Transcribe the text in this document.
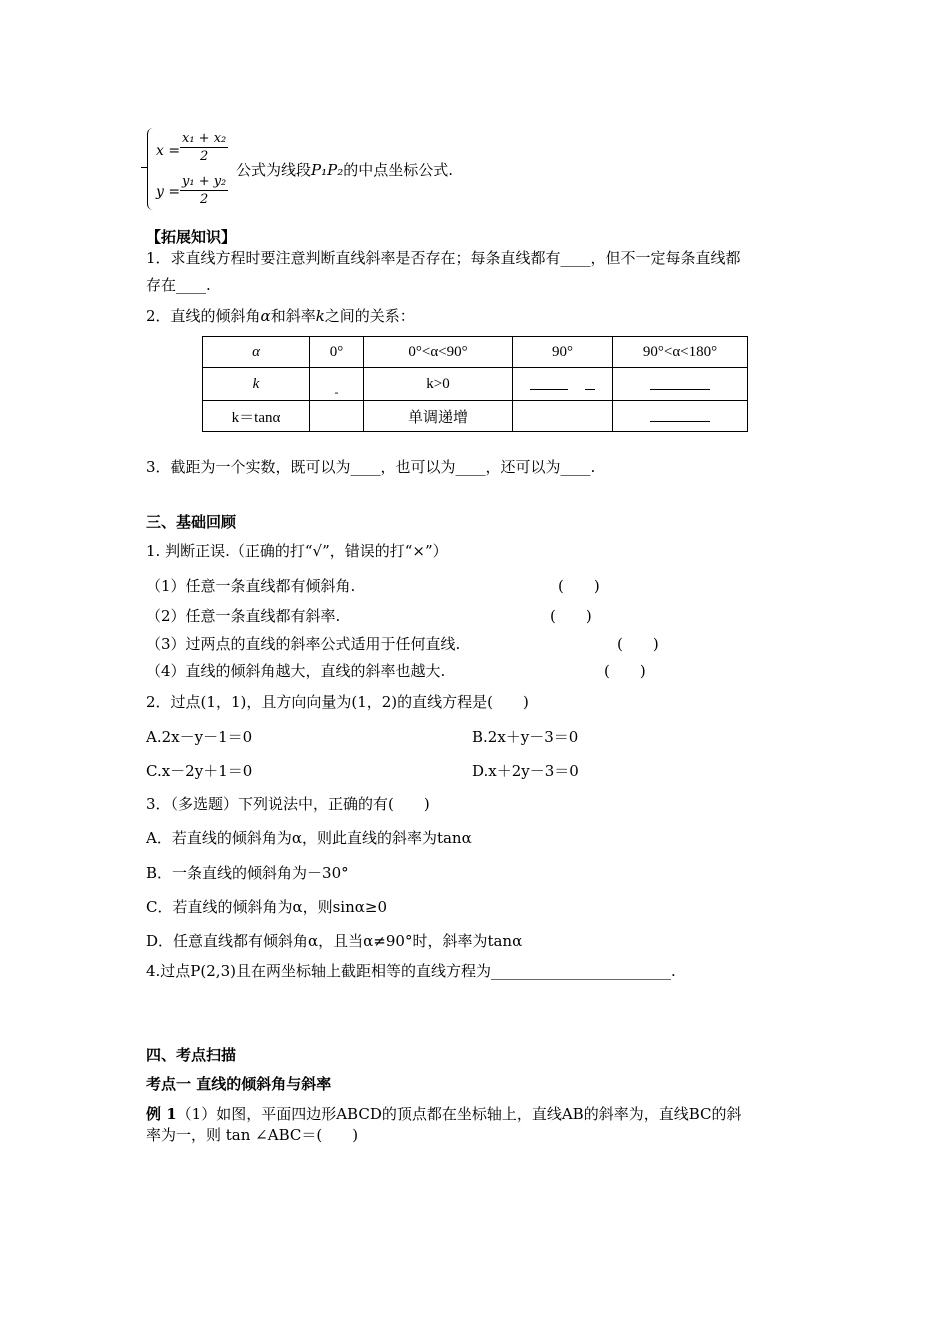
$x = \frac{\text{x₁ + x₂}}{2}$
$y = \frac{\text{y₁ + y₂}}{2}$
公式为线段P₁P₂的中点坐标公式.
【拓展知识】
1．求直线方程时要注意判断直线斜率是否存在；每条直线都有____，但不一定每条直线都
存在____.
2．直线的倾斜角α和斜率k之间的关系：
α	0°	0°<α<90°	90°	90°<α<180°
k	-	k>0		
k＝tanα		单调递增		
3．截距为一个实数，既可以为____，也可以为____，还可以为____.
三、基础回顾
1. 判断正误.（正确的打“√”，错误的打“×”）
（1）任意一条直线都有倾斜角.	(　　)
（2）任意一条直线都有斜率.	(　　)
（3）过两点的直线的斜率公式适用于任何直线.	(　　)
（4）直线的倾斜角越大，直线的斜率也越大.	(　　)
2．过点(1，1)，且方向向量为(1，2)的直线方程是(　　)
A.2x－y－1＝0	B.2x＋y－3＝0
C.x－2y＋1＝0	D.x＋2y－3＝0
3．（多选题）下列说法中，正确的有(　　)
A．若直线的倾斜角为α，则此直线的斜率为tanα
B．一条直线的倾斜角为－30°
C．若直线的倾斜角为α，则sinα≥0
D．任意直线都有倾斜角α，且当α≠90°时，斜率为tanα
4.过点P(2,3)且在两坐标轴上截距相等的直线方程为________________________.
四、考点扫描
考点一 直线的倾斜角与斜率
例 1（1）如图，平面四边形ABCD的顶点都在坐标轴上，直线AB的斜率为，直线BC的斜
率为一，则 tan ∠ABC＝(　　)
